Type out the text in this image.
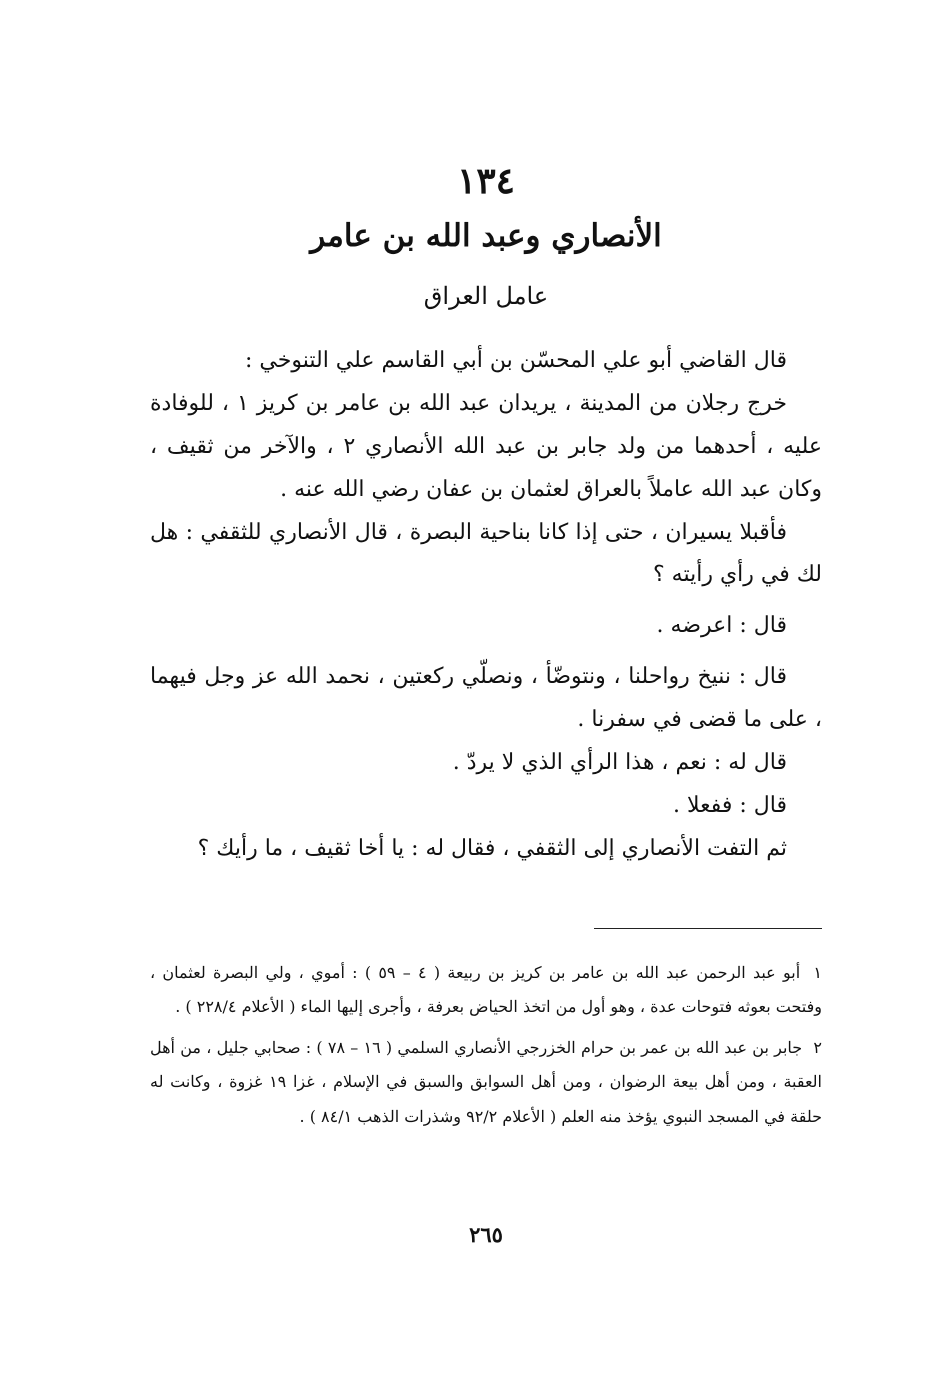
١٣٤
الأنصاري وعبد الله بن عامر
عامل العراق

قال القاضي أبو علي المحسّن بن أبي القاسم علي التنوخي :

خرج رجلان من المدينة ، يريدان عبد الله بن عامر بن كريز ١ ، للوفادة عليه ، أحدهما من ولد جابر بن عبد الله الأنصاري ٢ ، والآخر من ثقيف ، وكان عبد الله عاملاً بالعراق لعثمان بن عفان رضي الله عنه .

فأقبلا يسيران ، حتى إذا كانا بناحية البصرة ، قال الأنصاري للثقفي : هل لك في رأي رأيته ؟

قال : اعرضه .

قال : ننيخ رواحلنا ، ونتوضّأ ، ونصلّي ركعتين ، نحمد الله عز وجل فيهما ، على ما قضى في سفرنا .

قال له : نعم ، هذا الرأي الذي لا يردّ .

قال : ففعلا .

ثم التفت الأنصاري إلى الثقفي ، فقال له : يا أخا ثقيف ، ما رأيك ؟

١ أبو عبد الرحمن عبد الله بن عامر بن كريز بن ربيعة ( ٤ – ٥٩ ) : أموي ، ولي البصرة لعثمان ، وفتحت بعوثه فتوحات عدة ، وهو أول من اتخذ الحياض بعرفة ، وأجرى إليها الماء ( الأعلام ٢٢٨/٤ ) .

٢ جابر بن عبد الله بن عمر بن حرام الخزرجي الأنصاري السلمي ( ١٦ – ٧٨ ) : صحابي جليل ، من أهل العقبة ، ومن أهل بيعة الرضوان ، ومن أهل السوابق والسبق في الإسلام ، غزا ١٩ غزوة ، وكانت له حلقة في المسجد النبوي يؤخذ منه العلم ( الأعلام ٩٢/٢ وشذرات الذهب ٨٤/١ ) .

٢٦٥
